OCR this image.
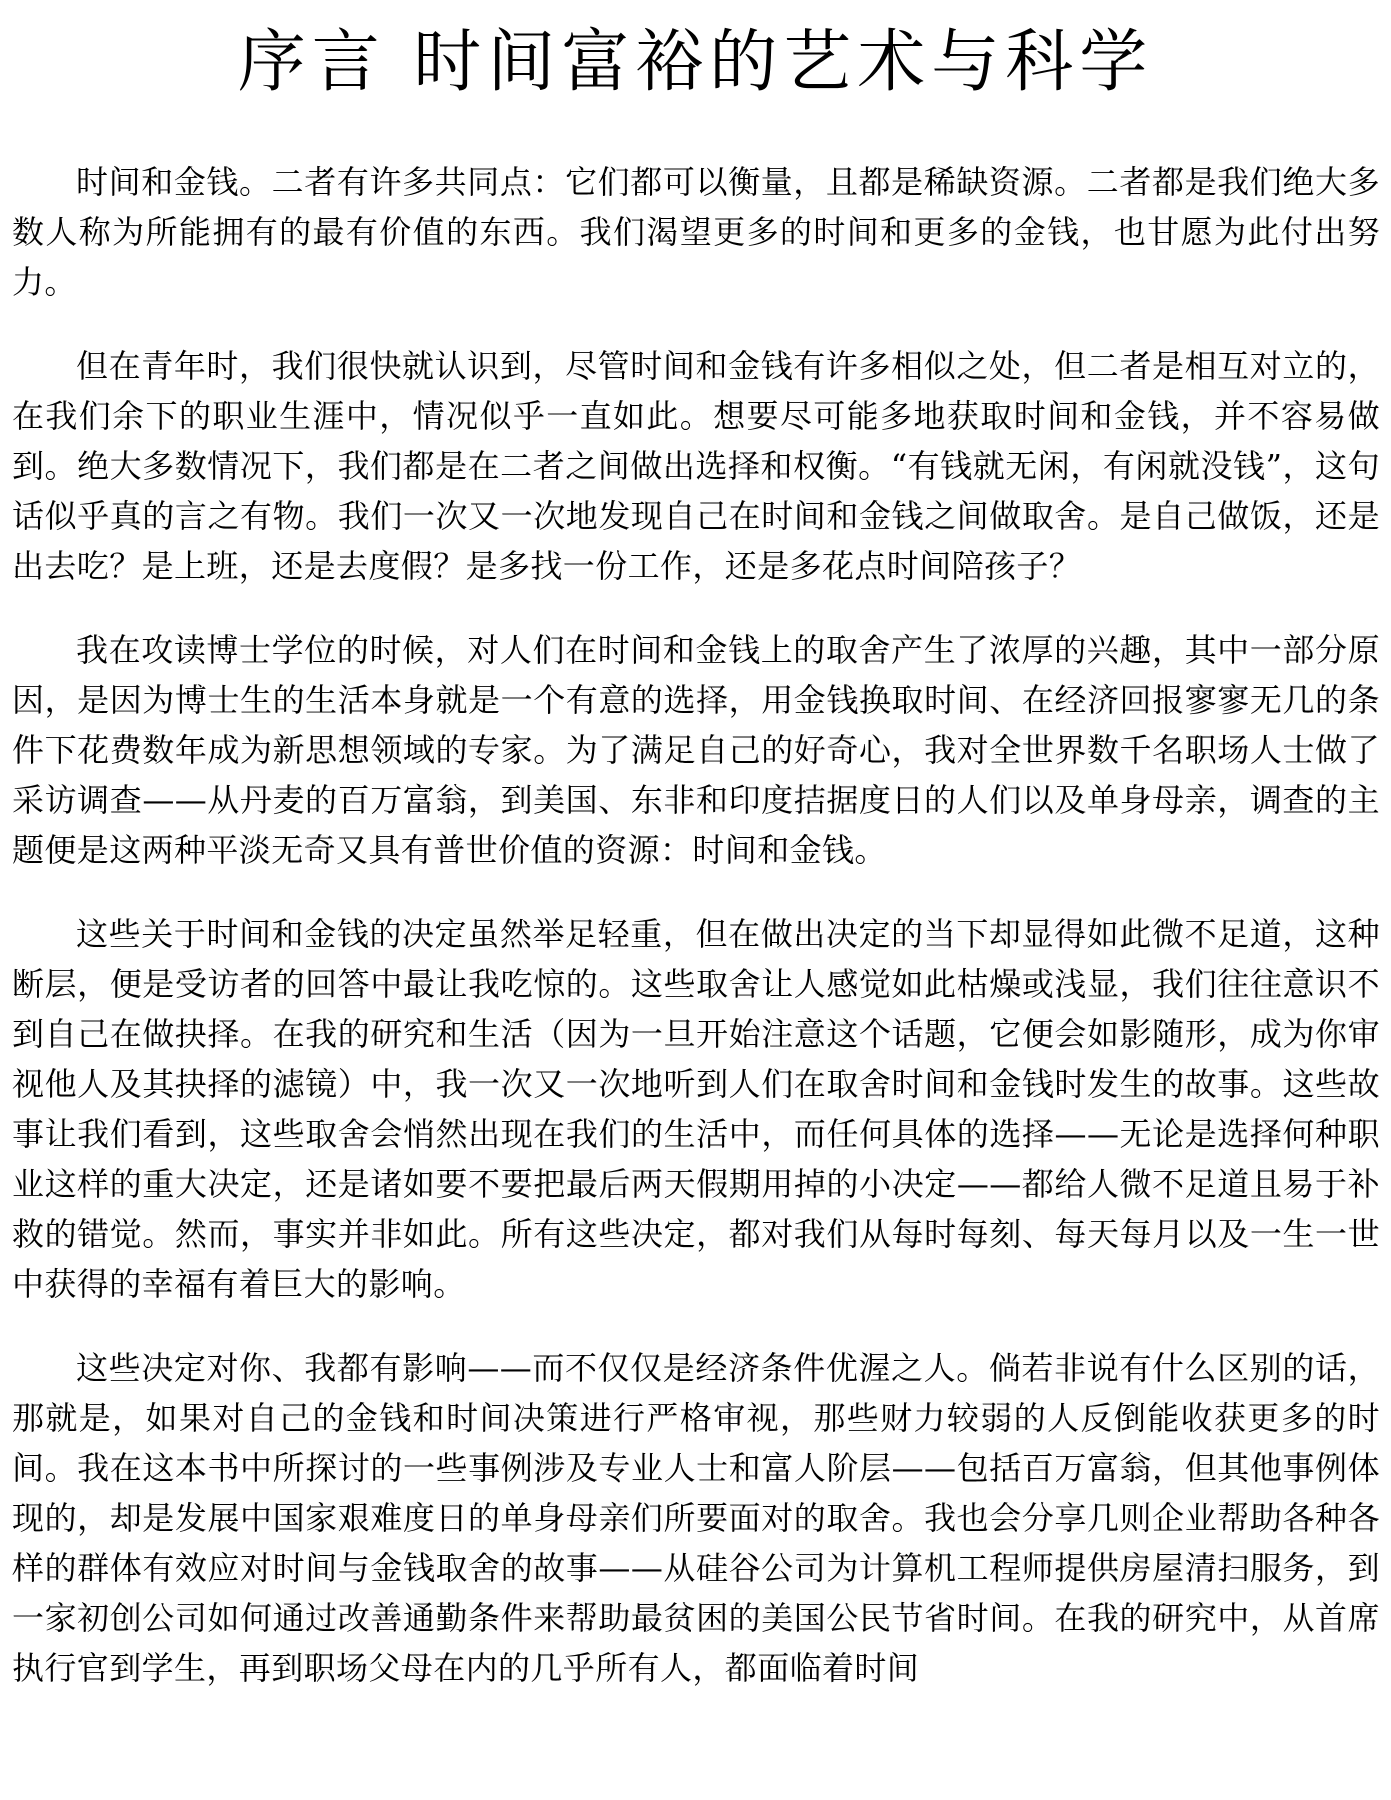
序言 时间富裕的艺术与科学

时间和金钱。二者有许多共同点：它们都可以衡量，且都是稀缺资源。二者都是我们绝大多数人称为所能拥有的最有价值的东西。我们渴望更多的时间和更多的金钱，也甘愿为此付出努力。

但在青年时，我们很快就认识到，尽管时间和金钱有许多相似之处，但二者是相互对立的，在我们余下的职业生涯中，情况似乎一直如此。想要尽可能多地获取时间和金钱，并不容易做到。绝大多数情况下，我们都是在二者之间做出选择和权衡。“有钱就无闲，有闲就没钱”，这句话似乎真的言之有物。我们一次又一次地发现自己在时间和金钱之间做取舍。是自己做饭，还是出去吃？是上班，还是去度假？是多找一份工作，还是多花点时间陪孩子？

我在攻读博士学位的时候，对人们在时间和金钱上的取舍产生了浓厚的兴趣，其中一部分原因，是因为博士生的生活本身就是一个有意的选择，用金钱换取时间、在经济回报寥寥无几的条件下花费数年成为新思想领域的专家。为了满足自己的好奇心，我对全世界数千名职场人士做了采访调查——从丹麦的百万富翁，到美国、东非和印度拮据度日的人们以及单身母亲，调查的主题便是这两种平淡无奇又具有普世价值的资源：时间和金钱。

这些关于时间和金钱的决定虽然举足轻重，但在做出决定的当下却显得如此微不足道，这种断层，便是受访者的回答中最让我吃惊的。这些取舍让人感觉如此枯燥或浅显，我们往往意识不到自己在做抉择。在我的研究和生活（因为一旦开始注意这个话题，它便会如影随形，成为你审视他人及其抉择的滤镜）中，我一次又一次地听到人们在取舍时间和金钱时发生的故事。这些故事让我们看到，这些取舍会悄然出现在我们的生活中，而任何具体的选择——无论是选择何种职业这样的重大决定，还是诸如要不要把最后两天假期用掉的小决定——都给人微不足道且易于补救的错觉。然而，事实并非如此。所有这些决定，都对我们从每时每刻、每天每月以及一生一世中获得的幸福有着巨大的影响。

这些决定对你、我都有影响——而不仅仅是经济条件优渥之人。倘若非说有什么区别的话，那就是，如果对自己的金钱和时间决策进行严格审视，那些财力较弱的人反倒能收获更多的时间。我在这本书中所探讨的一些事例涉及专业人士和富人阶层——包括百万富翁，但其他事例体现的，却是发展中国家艰难度日的单身母亲们所要面对的取舍。我也会分享几则企业帮助各种各样的群体有效应对时间与金钱取舍的故事——从硅谷公司为计算机工程师提供房屋清扫服务，到一家初创公司如何通过改善通勤条件来帮助最贫困的美国公民节省时间。在我的研究中，从首席执行官到学生，再到职场父母在内的几乎所有人，都面临着时间
